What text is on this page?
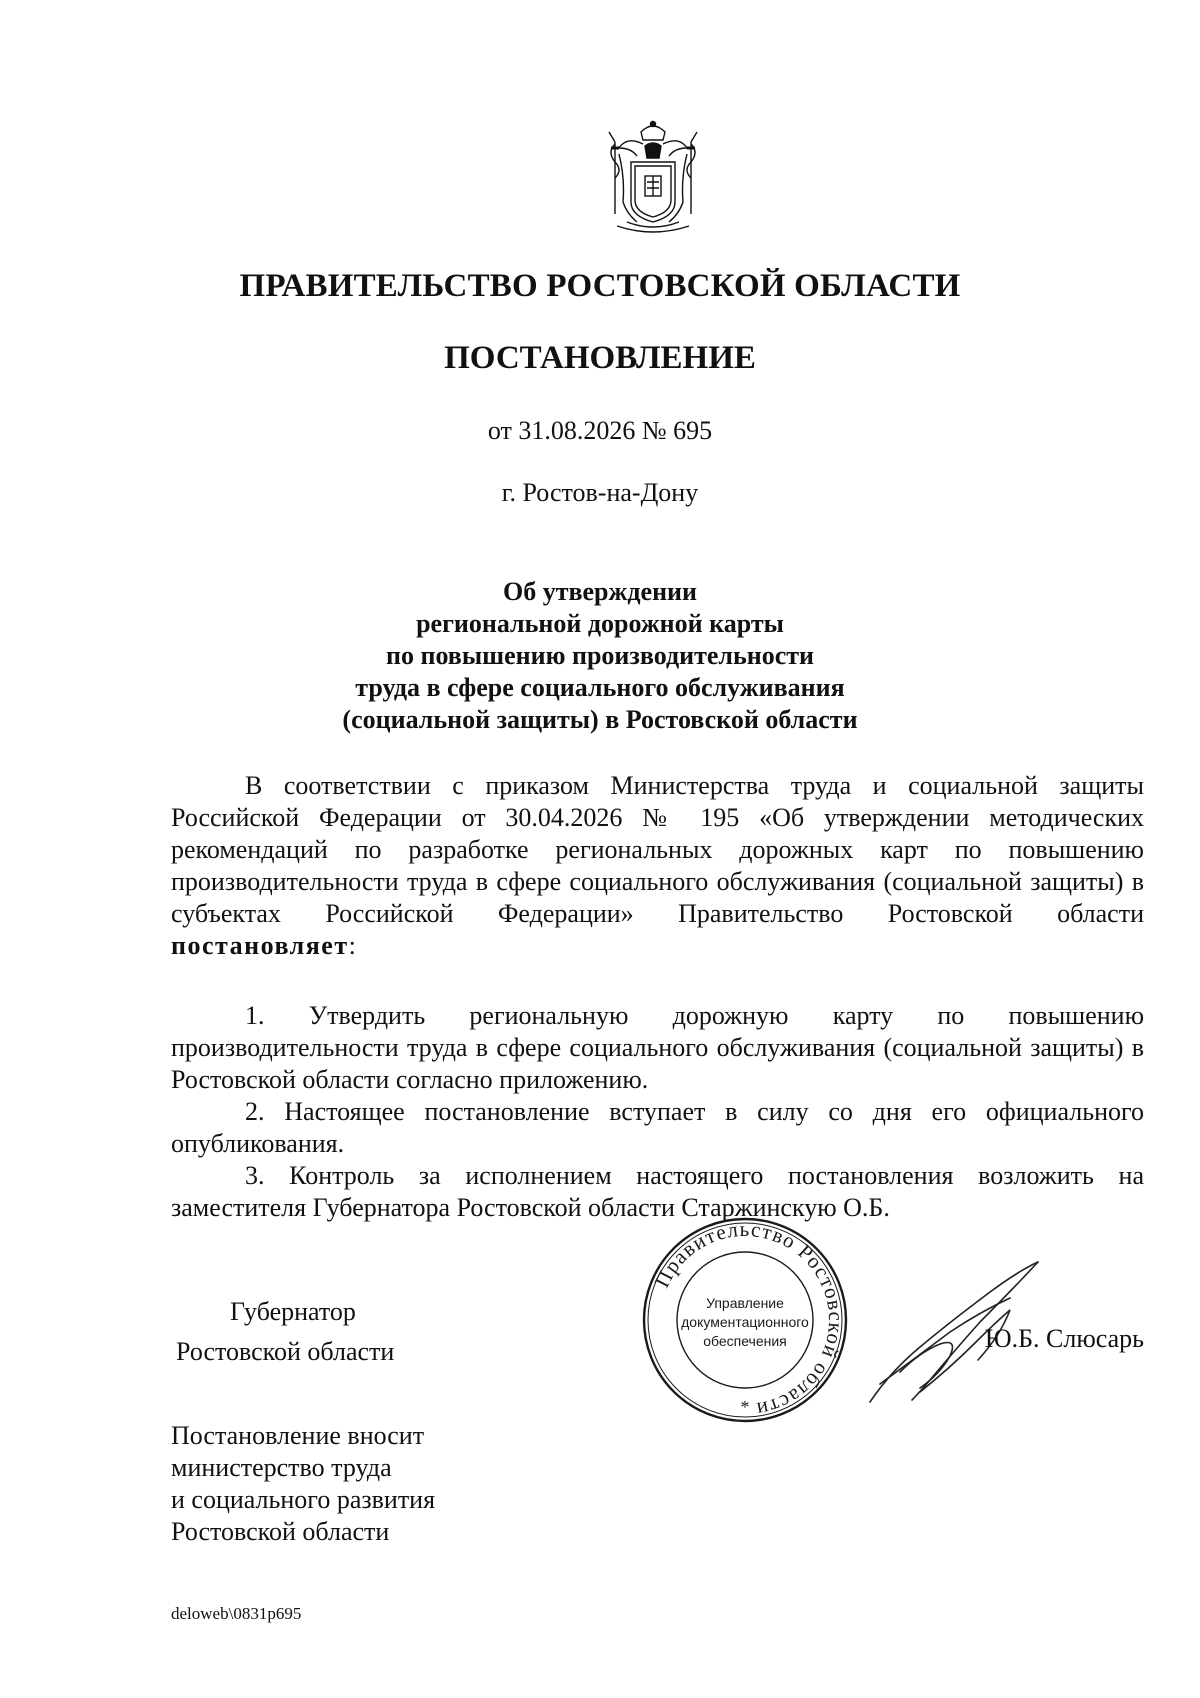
ПРАВИТЕЛЬСТВО РОСТОВСКОЙ ОБЛАСТИ
ПОСТАНОВЛЕНИЕ
от 31.08.2026 № 695
г. Ростов-на-Дону
Об утверждении
региональной дорожной карты
по повышению производительности
труда в сфере социального обслуживания
(социальной защиты) в Ростовской области

В соответствии с приказом Министерства труда и социальной защиты Российской Федерации от 30.04.2026 № 195 «Об утверждении методических рекомендаций по разработке региональных дорожных карт по повышению производительности труда в сфере социального обслуживания (социальной защиты) в субъектах Российской Федерации» Правительство Ростовской области постановляет:

1. Утвердить региональную дорожную карту по повышению производительности труда в сфере социального обслуживания (социальной защиты) в Ростовской области согласно приложению.

2. Настоящее постановление вступает в силу со дня его официального опубликования.

3. Контроль за исполнением настоящего постановления возложить на заместителя Губернатора Ростовской области Старжинскую О.Б.

Губернатор
Ростовской области
Правительство Ростовской области
Управление
документационного
обеспечения
*
Ю.Б. Слюсарь
Постановление вносит
министерство труда
и социального развития
Ростовской области
deloweb\0831p695
